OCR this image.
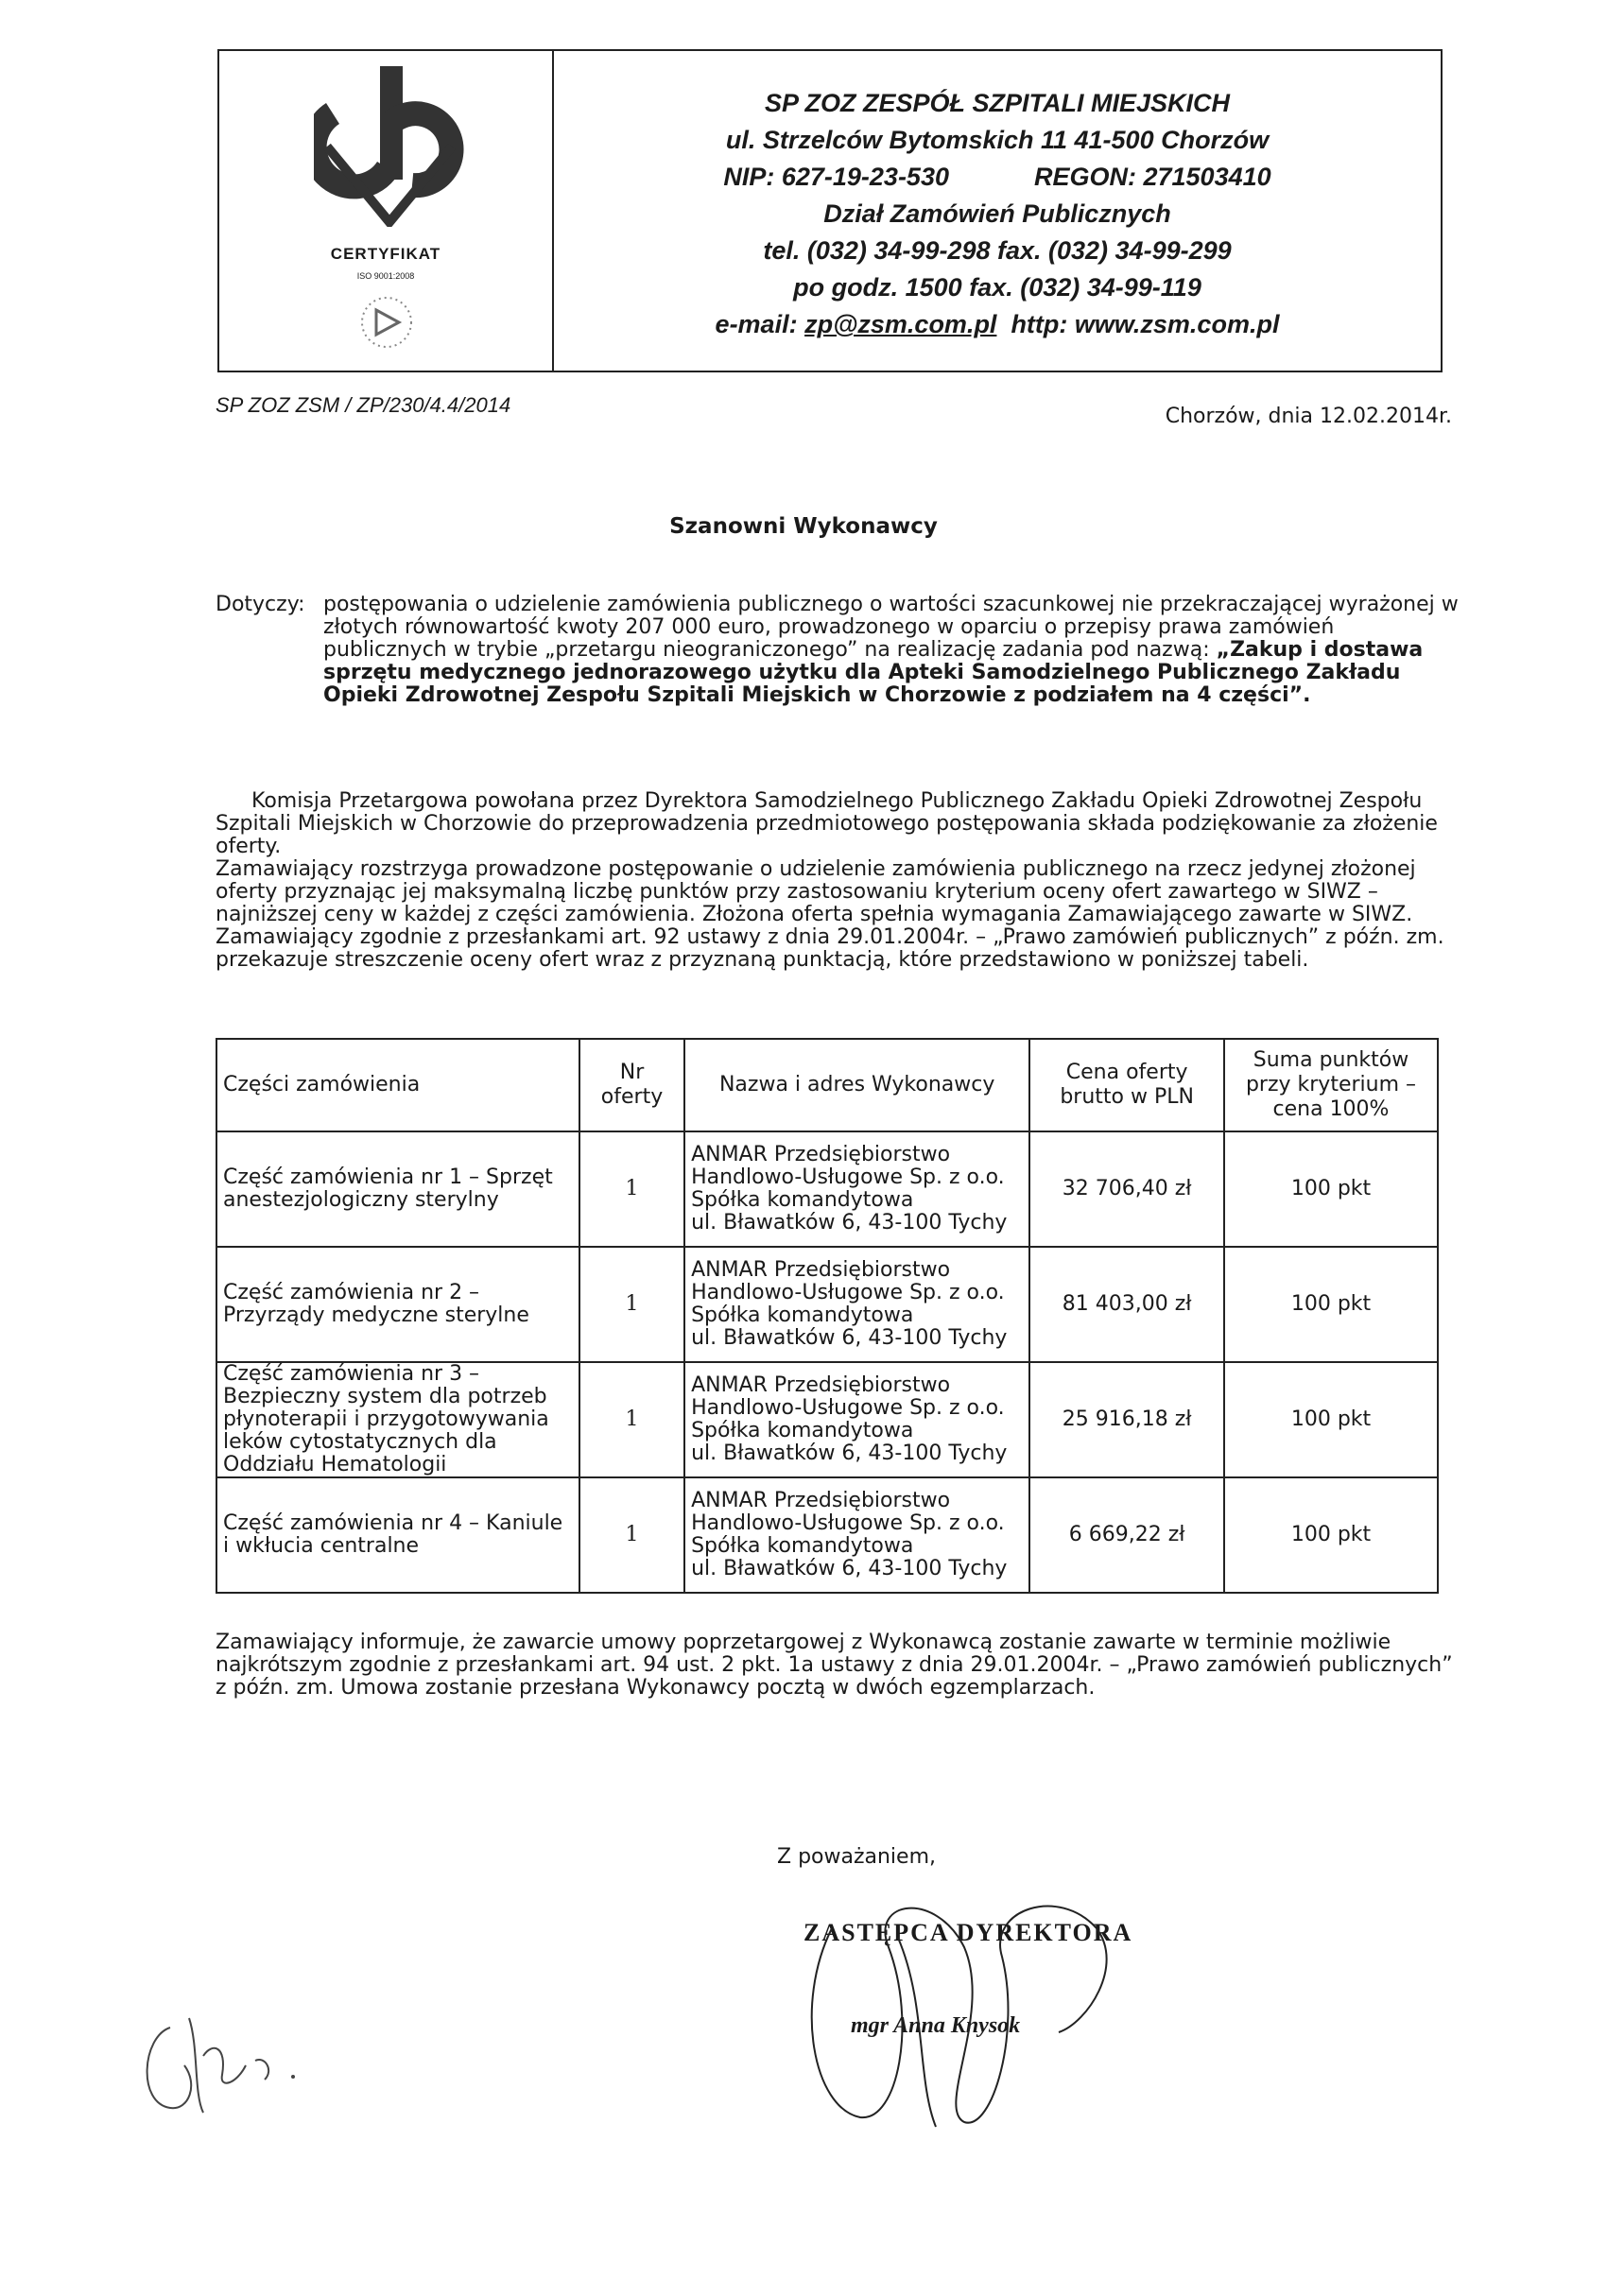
CERTYFIKAT
ISO 9001:2008
SP ZOZ ZESPÓŁ SZPITALI MIEJSKICH
ul. Strzelców Bytomskich 11 41-500 Chorzów
NIP: 627-19-23-530	REGON: 271503410
Dział Zamówień Publicznych
tel. (032) 34-99-298 fax. (032) 34-99-299
po godz. 1500 fax. (032) 34-99-119
e-mail: zp@zsm.com.pl  http: www.zsm.com.pl
SP ZOZ ZSM / ZP/230/4.4/2014	Chorzów, dnia 12.02.2014r.
Szanowni Wykonawcy
Dotyczy: postępowania o udzielenie zamówienia publicznego o wartości szacunkowej nie przekraczającej wyrażonej w złotych równowartość kwoty 207 000 euro, prowadzonego w oparciu o przepisy prawa zamówień publicznych w trybie „przetargu nieograniczonego” na realizację zadania pod nazwą: „Zakup i dostawa sprzętu medycznego jednorazowego użytku dla Apteki Samodzielnego Publicznego Zakładu Opieki Zdrowotnej Zespołu Szpitali Miejskich w Chorzowie z podziałem na 4 części”.

Komisja Przetargowa powołana przez Dyrektora Samodzielnego Publicznego Zakładu Opieki Zdrowotnej Zespołu Szpitali Miejskich w Chorzowie do przeprowadzenia przedmiotowego postępowania składa podziękowanie za złożenie oferty.

Zamawiający rozstrzyga prowadzone postępowanie o udzielenie zamówienia publicznego na rzecz jedynej złożonej oferty przyznając jej maksymalną liczbę punktów przy zastosowaniu kryterium oceny ofert zawartego w SIWZ – najniższej ceny w każdej z części zamówienia. Złożona oferta spełnia wymagania Zamawiającego zawarte w SIWZ.

Zamawiający zgodnie z przesłankami art. 92 ustawy z dnia 29.01.2004r. – „Prawo zamówień publicznych” z późn. zm. przekazuje streszczenie oceny ofert wraz z przyznaną punktacją, które przedstawiono w poniższej tabeli.

Części zamówienia	Nr oferty	Nazwa i adres Wykonawcy	Cena oferty brutto w PLN	Suma punktów przy kryterium – cena 100%
Część zamówienia nr 1 – Sprzęt anestezjologiczny sterylny	1	ANMAR Przedsiębiorstwo
Handlowo-Usługowe Sp. z o.o.
Spółka komandytowa
ul. Bławatków 6, 43-100 Tychy	32 706,40 zł	100 pkt
Część zamówienia nr 2 – Przyrządy medyczne sterylne	1	ANMAR Przedsiębiorstwo
Handlowo-Usługowe Sp. z o.o.
Spółka komandytowa
ul. Bławatków 6, 43-100 Tychy	81 403,00 zł	100 pkt
Część zamówienia nr 3 – Bezpieczny system dla potrzeb płynoterapii i przygotowywania leków cytostatycznych dla Oddziału Hematologii	1	ANMAR Przedsiębiorstwo
Handlowo-Usługowe Sp. z o.o.
Spółka komandytowa
ul. Bławatków 6, 43-100 Tychy	25 916,18 zł	100 pkt
Część zamówienia nr 4 – Kaniule i wkłucia centralne	1	ANMAR Przedsiębiorstwo
Handlowo-Usługowe Sp. z o.o.
Spółka komandytowa
ul. Bławatków 6, 43-100 Tychy	6 669,22 zł	100 pkt
Zamawiający informuje, że zawarcie umowy poprzetargowej z Wykonawcą zostanie zawarte w terminie możliwie najkrótszym zgodnie z przesłankami art. 94 ust. 2 pkt. 1a ustawy z dnia 29.01.2004r. – „Prawo zamówień publicznych” z późn. zm. Umowa zostanie przesłana Wykonawcy pocztą w dwóch egzemplarzach.
Z poważaniem,
ZASTĘPCA DYREKTORA
mgr Anna Knysok
